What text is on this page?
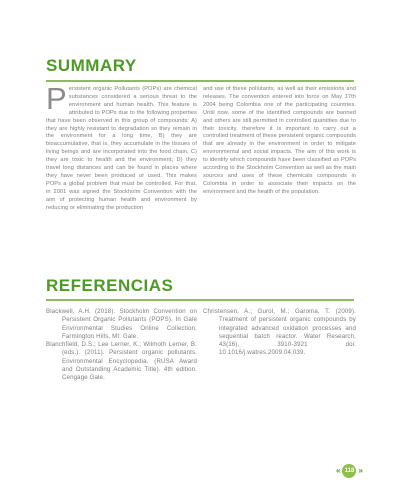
SUMMARY
Persistent organic Pollutants (POPs) are chemical substances considered a serious threat to the environment and human health. This feature is attributed to POPs due to the following properties that have been observed in this group of compounds: A) they are highly resistant to degradation so they remain in the environment for a long time, B) they are bioaccumulative, that is, they accumulate in the tissues of living beings and are incorporated into the food chain, C) they are toxic to health and the environment; D) they travel long distances and can be found in places where they have never been produced or used. This makes POPs a global problem that must be controlled. For that, in 2001 was signed the Stockholm Convention with the aim of protecting human health and environment by reducing or eliminating the production
and use of these pollutants, as well as their emissions and releases. The convention entered into force on May 17th 2004 being Colombia one of the participating countries. Until now, some of the identified compounds are banned and others are still permitted in controlled quantities due to their toxicity, therefore it is important to carry out a controlled treatment of these persistent organic compounds that are already in the environment in order to mitigate environmental and social impacts. The aim of this work is to identify which compounds have been classified as POPs according to the Stockholm Convention as well as the main sources and uses of these chemicals compounds in Colombia in order to associate their impacts on the environment and the health of the population.
REFERENCIAS

Blackwell, A.H. (2018). Stockholm Convention on Persistent Organic Pollutants (POPS). In Gale Environmental Studies Online Collection. Farmington Hills, MI: Gale.

Blanchfield, D.S.; Lee Lerner, K.; Wilmoth Lerner, B. (eds.). (2011). Persistent organic pollutants. Environmental Encyclopedia. (RUSA Award and Outstanding Academic Title). 4th edition. Cengage Gale.

Christensen, A.; Gurol, M.; Garoma, T. (2009). Treatment of persistent organic compounds by integrated advanced oxidation processes and sequential batch reactor. Water Research, 43(16), 3910-3921 doi: 10.1016/j.watres.2009.04.039.

« 118 »
